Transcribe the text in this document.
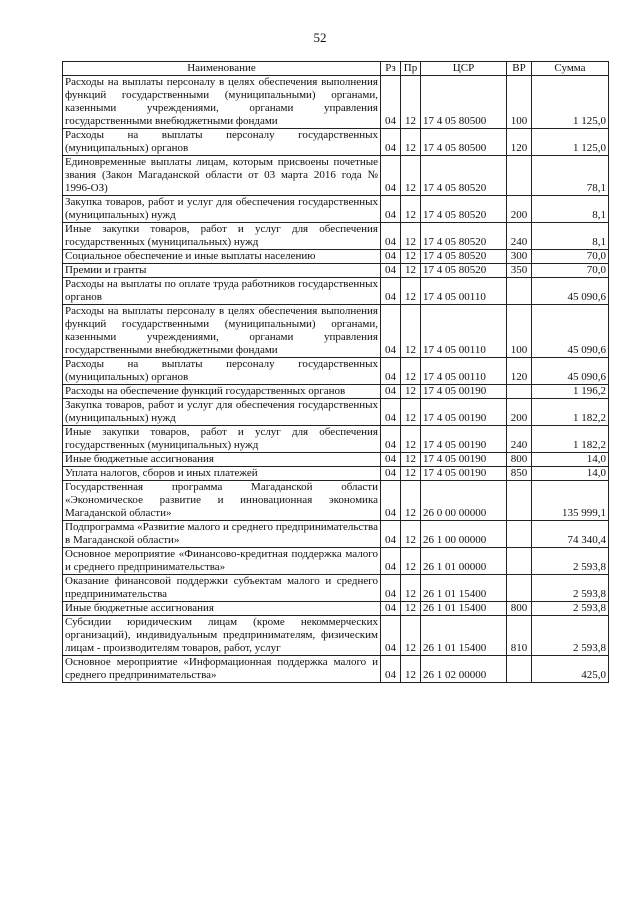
52
Наименование	Рз	Пр	ЦСР	ВР	Сумма
Расходы на выплаты персоналу в целях обеспечения выполнения функций государственными (муниципальными) органами, казенными учреждениями, органами управления государственными внебюджетными фондами	04	12	17 4 05 80500	100	1 125,0
Расходы на выплаты персоналу государственных (муниципальных) органов	04	12	17 4 05 80500	120	1 125,0
Единовременные выплаты лицам, которым присвоены почетные звания (Закон Магаданской области от 03 марта 2016 года № 1996-ОЗ)	04	12	17 4 05 80520		78,1
Закупка товаров, работ и услуг для обеспечения государственных (муниципальных) нужд	04	12	17 4 05 80520	200	8,1
Иные закупки товаров, работ и услуг для обеспечения государственных (муниципальных) нужд	04	12	17 4 05 80520	240	8,1
Социальное обеспечение и иные выплаты населению	04	12	17 4 05 80520	300	70,0
Премии и гранты	04	12	17 4 05 80520	350	70,0
Расходы на выплаты по оплате труда работников государственных органов	04	12	17 4 05 00110		45 090,6
Расходы на выплаты персоналу в целях обеспечения выполнения функций государственными (муниципальными) органами, казенными учреждениями, органами управления государственными внебюджетными фондами	04	12	17 4 05 00110	100	45 090,6
Расходы на выплаты персоналу государственных (муниципальных) органов	04	12	17 4 05 00110	120	45 090,6
Расходы на обеспечение функций государственных органов	04	12	17 4 05 00190		1 196,2
Закупка товаров, работ и услуг для обеспечения государственных (муниципальных) нужд	04	12	17 4 05 00190	200	1 182,2
Иные закупки товаров, работ и услуг для обеспечения государственных (муниципальных) нужд	04	12	17 4 05 00190	240	1 182,2
Иные бюджетные ассигнования	04	12	17 4 05 00190	800	14,0
Уплата налогов, сборов и иных платежей	04	12	17 4 05 00190	850	14,0
Государственная программа Магаданской области «Экономическое развитие и инновационная экономика Магаданской области»	04	12	26 0 00 00000		135 999,1
Подпрограмма «Развитие малого и среднего предпринимательства в Магаданской области»	04	12	26 1 00 00000		74 340,4
Основное мероприятие «Финансово-кредитная поддержка малого и среднего предпринимательства»	04	12	26 1 01 00000		2 593,8
Оказание финансовой поддержки субъектам малого и среднего предпринимательства	04	12	26 1 01 15400		2 593,8
Иные бюджетные ассигнования	04	12	26 1 01 15400	800	2 593,8
Субсидии юридическим лицам (кроме некоммерческих организаций), индивидуальным предпринимателям, физическим лицам - производителям товаров, работ, услуг	04	12	26 1 01 15400	810	2 593,8
Основное мероприятие «Информационная поддержка малого и среднего предпринимательства»	04	12	26 1 02 00000		425,0
